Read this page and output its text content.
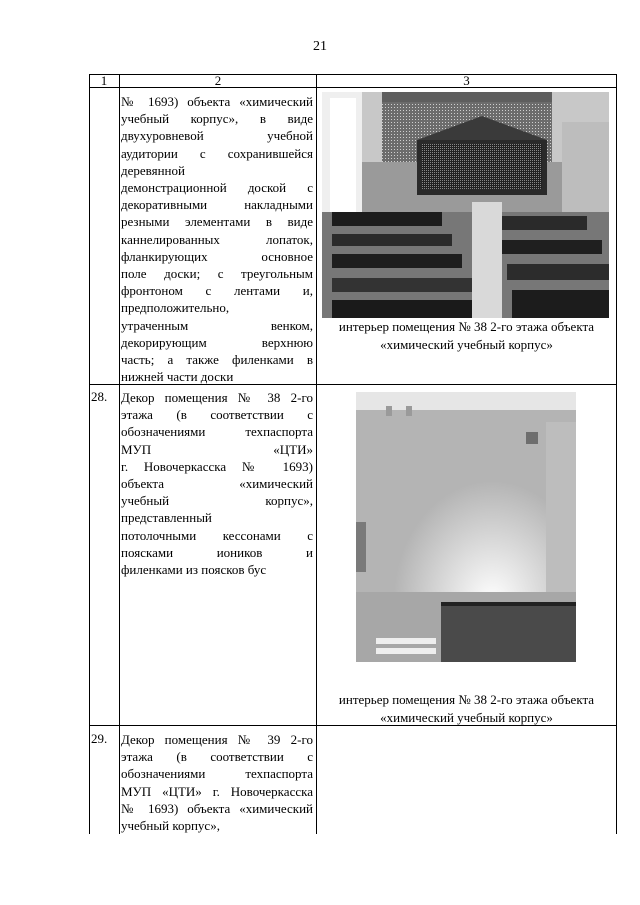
21
1	2	3
№ 1693) объекта «химический
учебный корпус», в виде
двухуровневой учебной
аудитории с сохранившейся
деревянной
демонстрационной доской с
декоративными накладными
резными элементами в виде
каннелированных лопаток,
фланкирующих основное
поле доски; с треугольным
фронтоном с лентами и,
предположительно,
утраченным венком,
декорирующим верхнюю
часть; а также филенками в
нижней части доски
интерьер помещения № 38 2-го этажа объекта
«химический учебный корпус»
28. Декор помещения № 38 2-го
этажа (в соответствии с
обозначениями техпаспорта
МУП «ЦТИ»
г. Новочеркасска № 1693)
объекта «химический
учебный корпус»,
представленный
потолочными кессонами с
поясками иоников и
филенками из поясков бус
интерьер помещения № 38 2-го этажа объекта
«химический учебный корпус»
29. Декор помещения № 39 2-го
этажа (в соответствии с
обозначениями техпаспорта
МУП «ЦТИ» г. Новочеркасска
№ 1693) объекта «химический
учебный корпус»,
